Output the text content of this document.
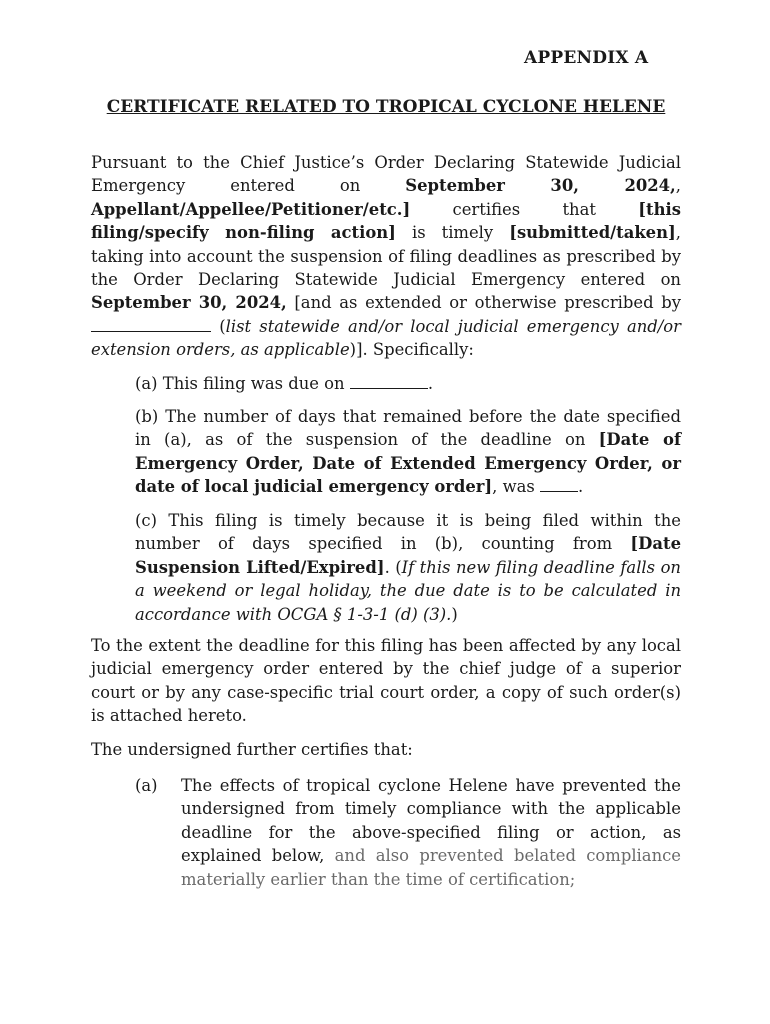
APPENDIX A
CERTIFICATE RELATED TO TROPICAL CYCLONE HELENE

Pursuant to the Chief Justice’s Order Declaring Statewide Judicial Emergency entered on September 30, 2024,, Appellant/Appellee/Petitioner/etc.] certifies that [this filing/specify non-filing action] is timely [submitted/taken], taking into account the suspension of filing deadlines as prescribed by the Order Declaring Statewide Judicial Emergency entered on September 30, 2024, [and as extended or otherwise prescribed by  (list statewide and/or local judicial emergency and/or extension orders, as applicable)]. Specifically:

(a) This filing was due on	.

(b) The number of days that remained before the date specified in (a), as of the suspension of the deadline on [Date of Emergency Order, Date of Extended Emergency Order, or date of local judicial emergency order], was .

(c) This filing is timely because it is being filed within the number of days specified in (b), counting from [Date Suspension Lifted/Expired]. (If this new filing deadline falls on a weekend or legal holiday, the due date is to be calculated in accordance with OCGA § 1-3-1 (d) (3).)

To the extent the deadline for this filing has been affected by any local judicial emergency order entered by the chief judge of a superior court or by any case-specific trial court order, a copy of such order(s) is attached hereto.

The undersigned further certifies that:

(a) The effects of tropical cyclone Helene have prevented the undersigned from timely compliance with the applicable deadline for the above-specified filing or action, as explained below, and also prevented belated compliance materially earlier than the time of certification;
